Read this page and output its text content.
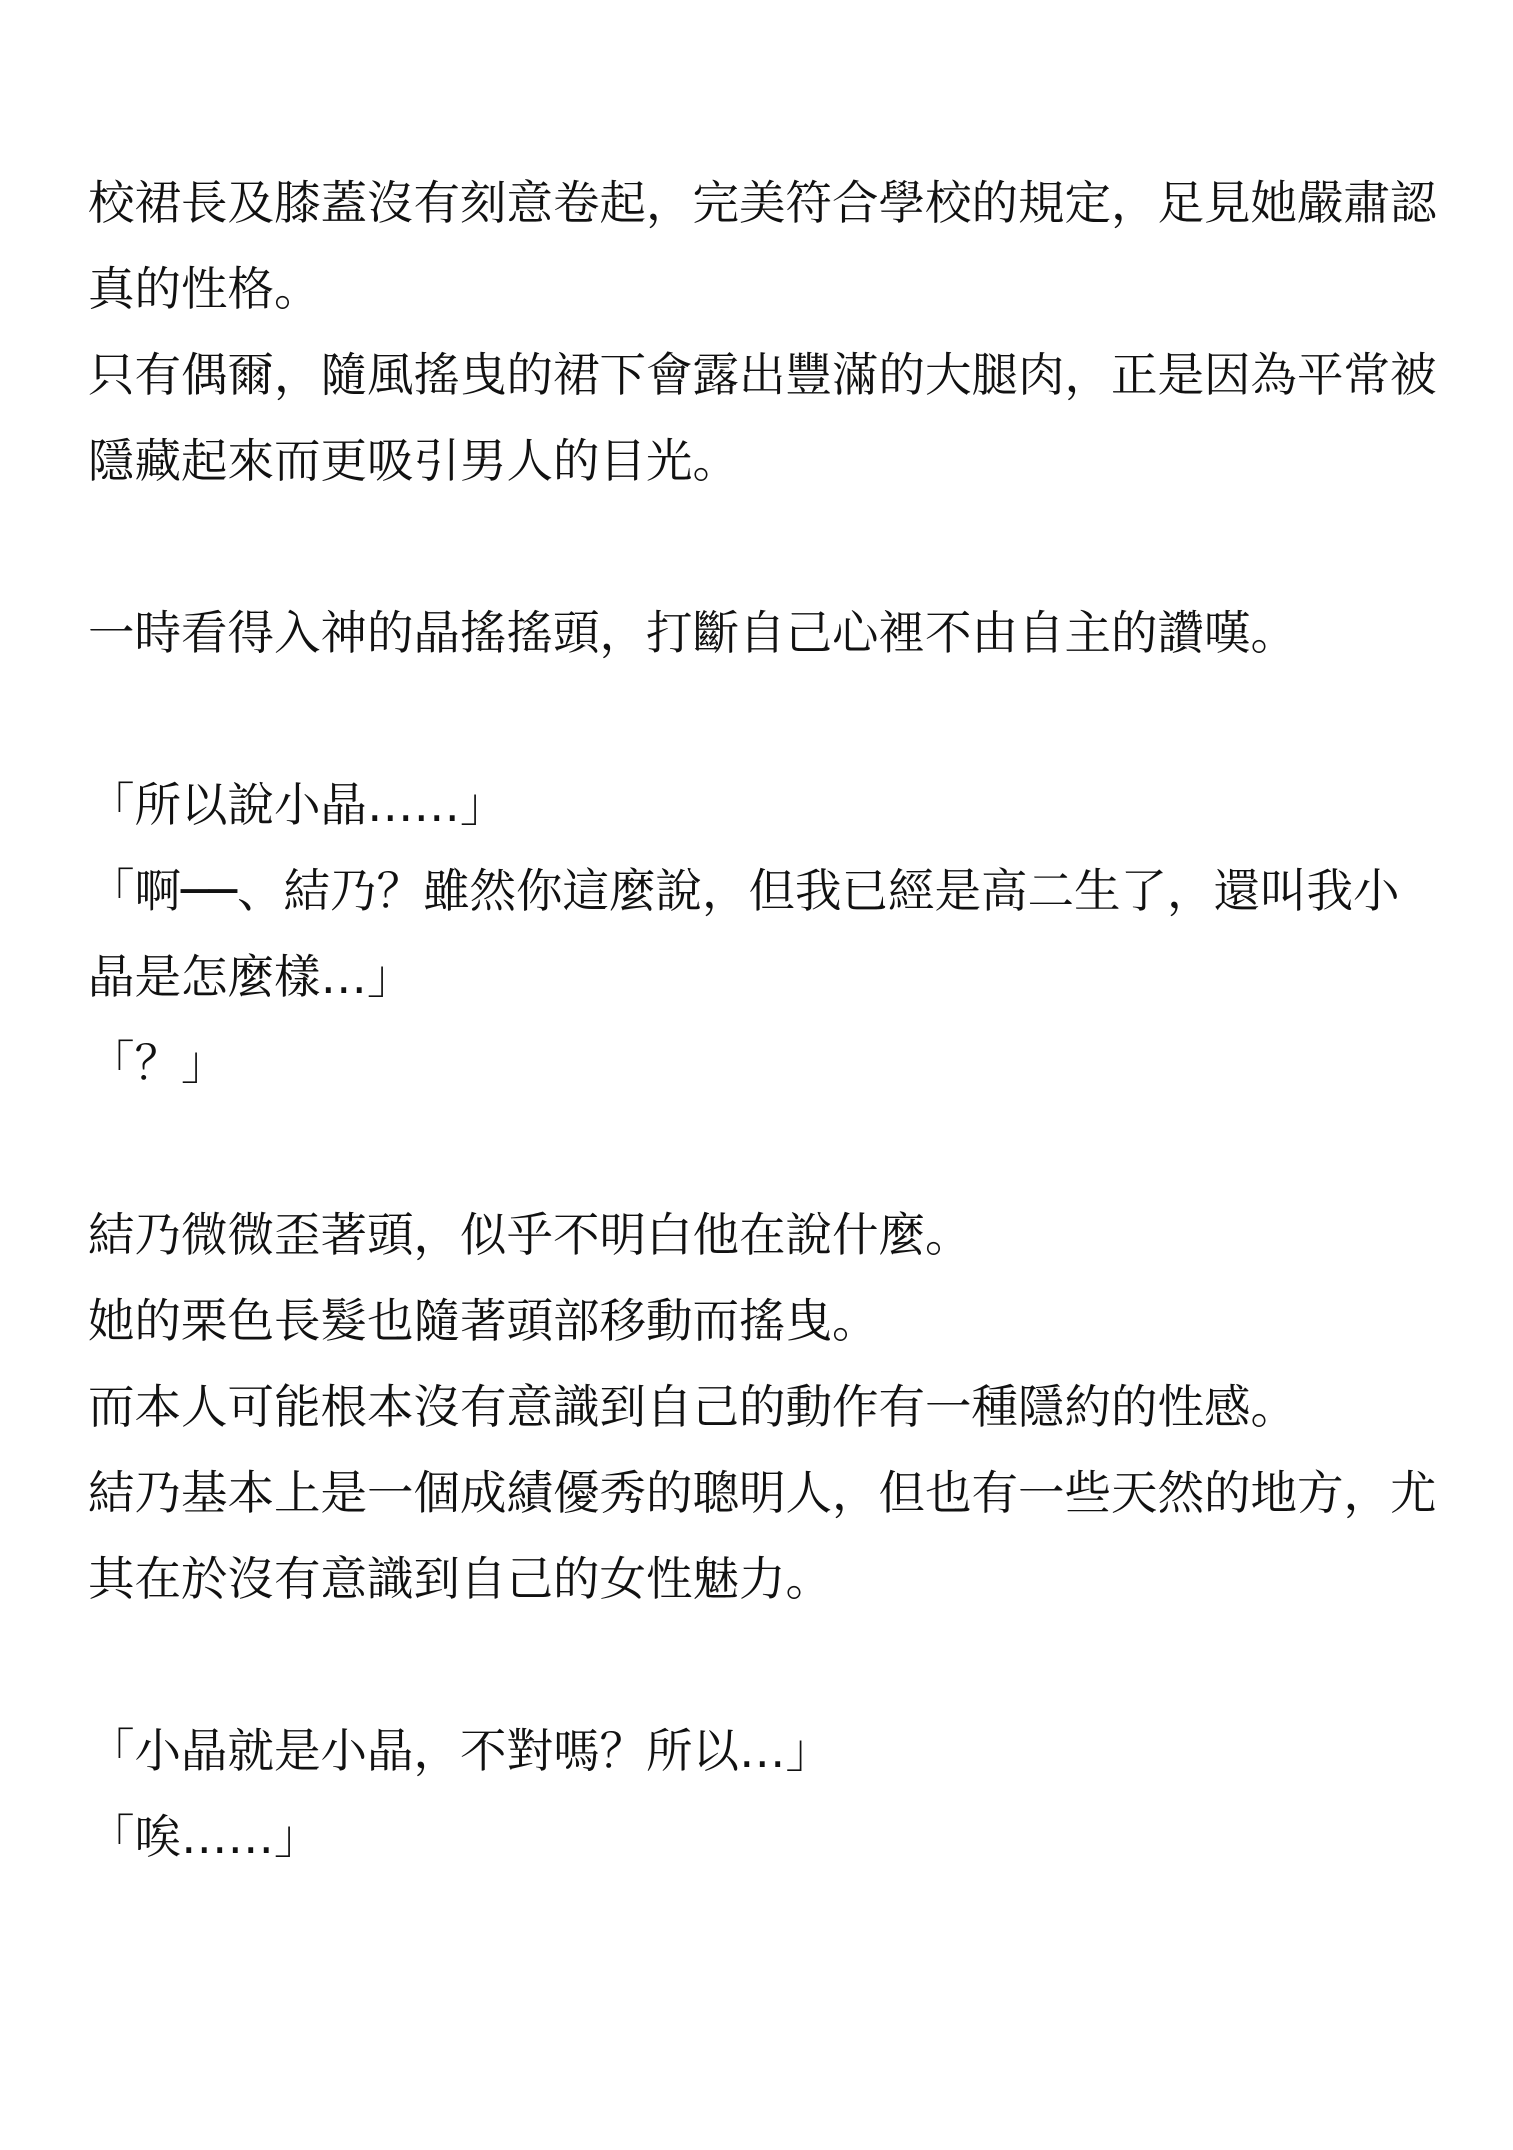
校裙長及膝蓋沒有刻意卷起，完美符合學校的規定，足見她嚴肅認
真的性格。
只有偶爾，隨風搖曳的裙下會露出豐滿的大腿肉，正是因為平常被
隱藏起來而更吸引男人的目光。
一時看得入神的晶搖搖頭，打斷自己心裡不由自主的讚嘆。
「所以說小晶……」
「啊──、結乃？雖然你這麼說，但我已經是高二生了，還叫我小
晶是怎麼樣…」
「？」
結乃微微歪著頭，似乎不明白他在說什麼。
她的栗色長髮也隨著頭部移動而搖曳。
而本人可能根本沒有意識到自己的動作有一種隱約的性感。
結乃基本上是一個成績優秀的聰明人，但也有一些天然的地方，尤
其在於沒有意識到自己的女性魅力。
「小晶就是小晶，不對嗎？所以…」
「唉……」
